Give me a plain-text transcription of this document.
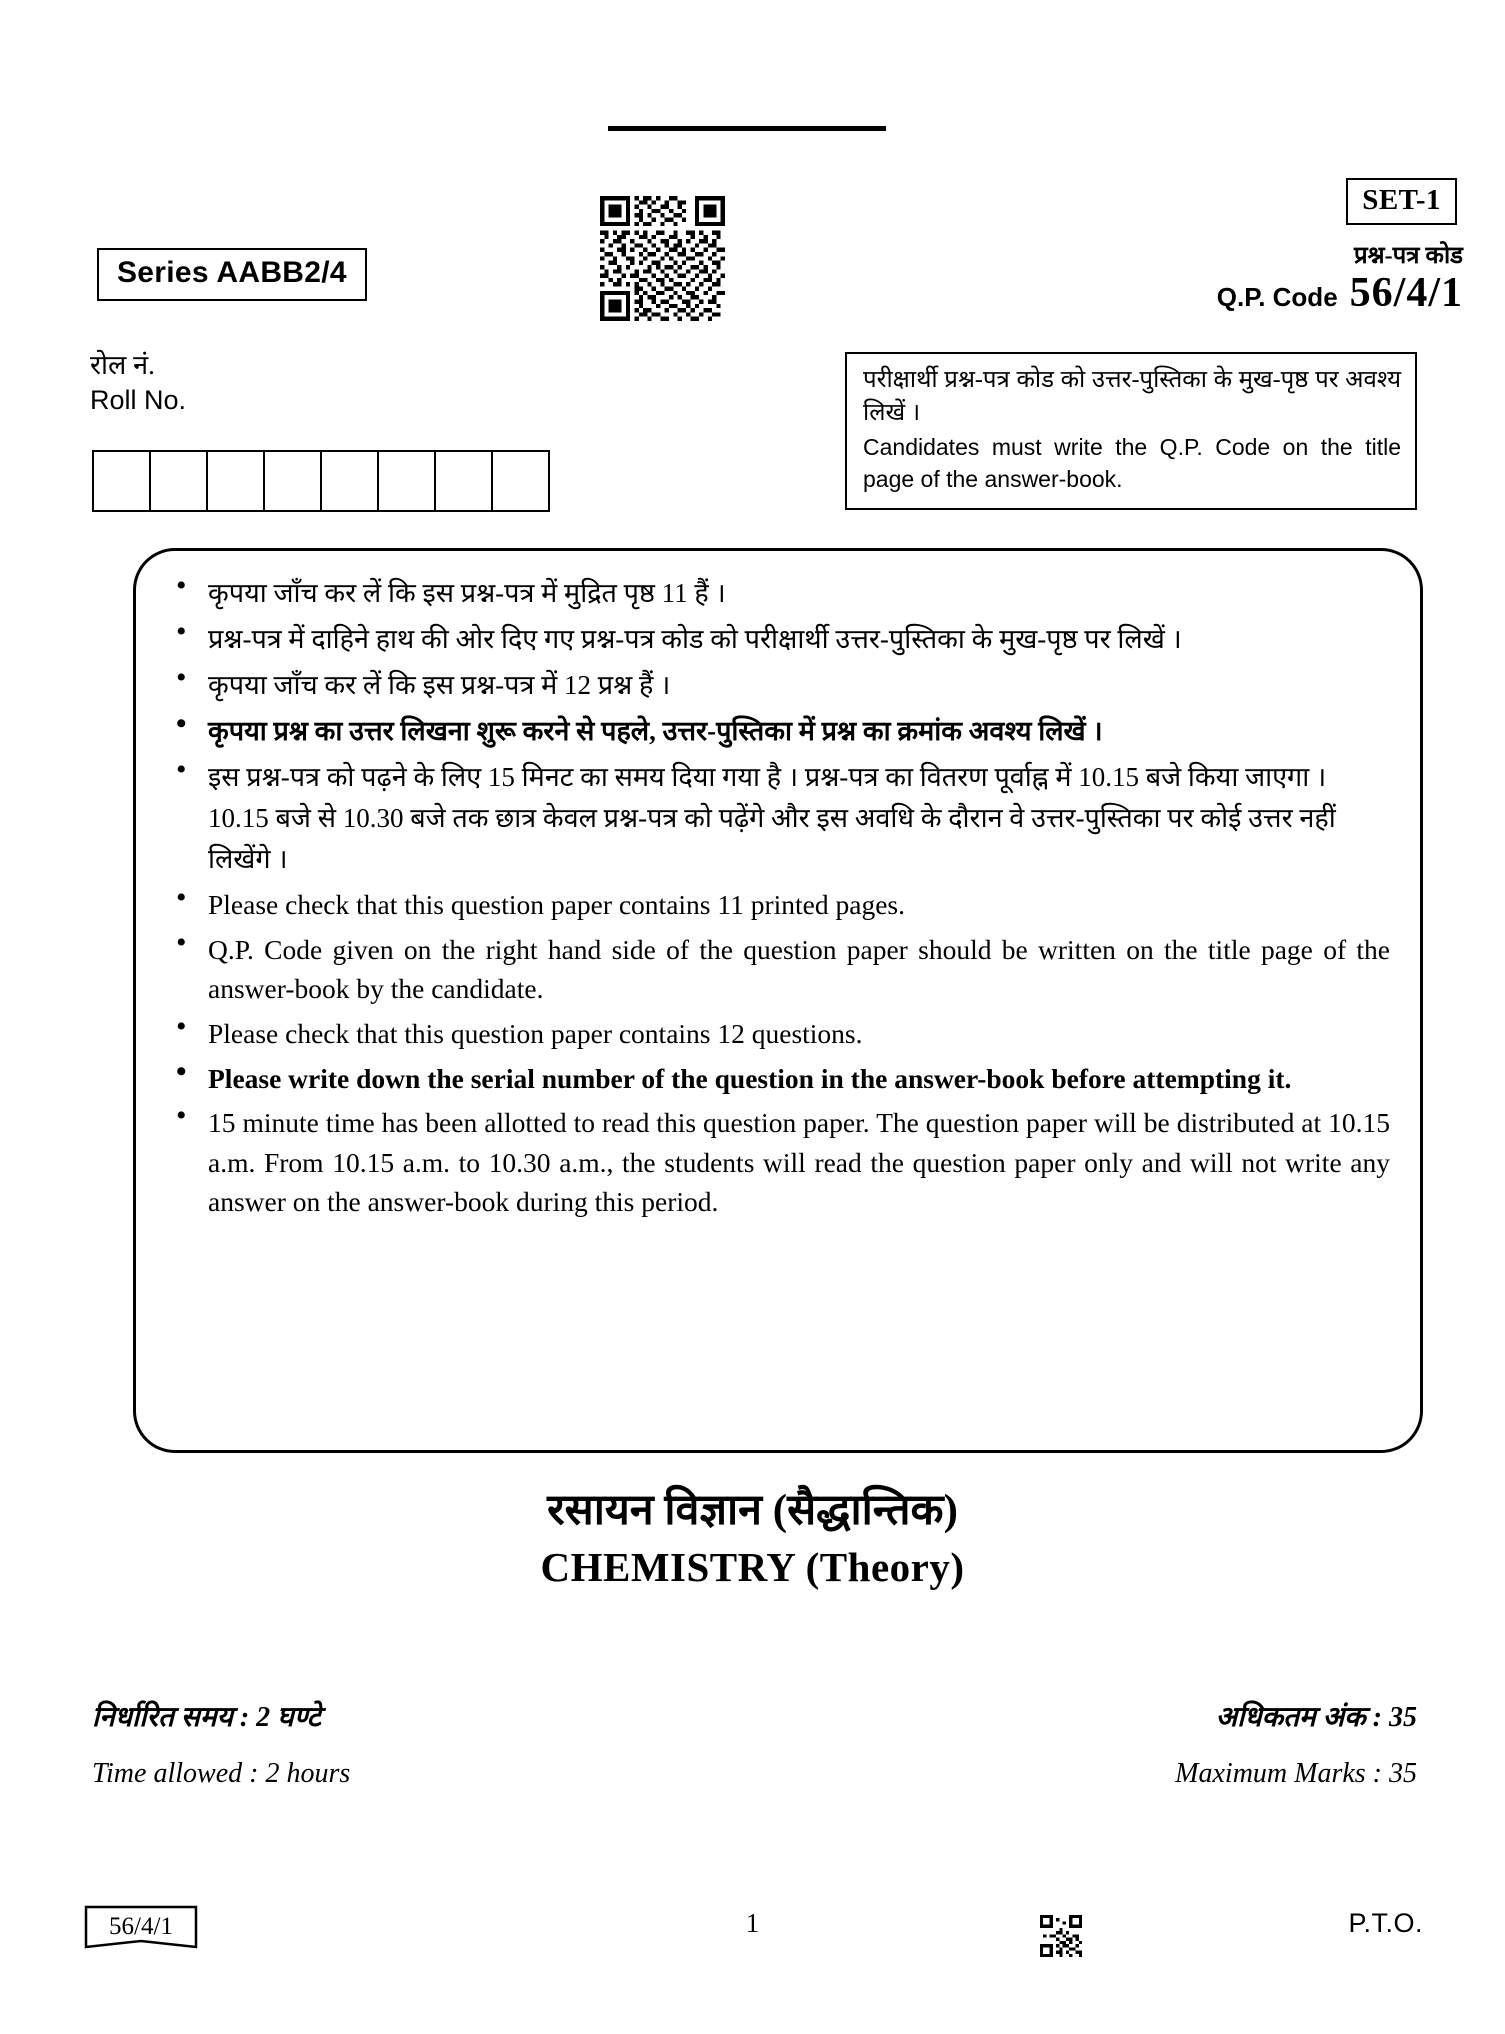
SET-1
Series AABB2/4	प्रश्न-पत्र कोड
Q.P. Code 56/4/1
रोल नं.
Roll No.
परीक्षार्थी प्रश्न-पत्र कोड को उत्तर-पुस्तिका के मुख-पृष्ठ पर अवश्य लिखें ।
Candidates must write the Q.P. Code on the title page of the answer-book.
• कृपया जाँच कर लें कि इस प्रश्न-पत्र में मुद्रित पृष्ठ 11 हैं ।
• प्रश्न-पत्र में दाहिने हाथ की ओर दिए गए प्रश्न-पत्र कोड को परीक्षार्थी उत्तर-पुस्तिका के मुख-पृष्ठ पर लिखें ।
• कृपया जाँच कर लें कि इस प्रश्न-पत्र में 12 प्रश्न हैं ।
• कृपया प्रश्न का उत्तर लिखना शुरू करने से पहले, उत्तर-पुस्तिका में प्रश्न का क्रमांक अवश्य लिखें ।
• इस प्रश्न-पत्र को पढ़ने के लिए 15 मिनट का समय दिया गया है । प्रश्न-पत्र का वितरण पूर्वाह्न में 10.15 बजे किया जाएगा । 10.15 बजे से 10.30 बजे तक छात्र केवल प्रश्न-पत्र को पढ़ेंगे और इस अवधि के दौरान वे उत्तर-पुस्तिका पर कोई उत्तर नहीं लिखेंगे ।
• Please check that this question paper contains 11 printed pages.
• Q.P. Code given on the right hand side of the question paper should be written on the title page of the answer-book by the candidate.
• Please check that this question paper contains 12 questions.
• Please write down the serial number of the question in the answer-book before attempting it.
• 15 minute time has been allotted to read this question paper. The question paper will be distributed at 10.15 a.m. From 10.15 a.m. to 10.30 a.m., the students will read the question paper only and will not write any answer on the answer-book during this period.
रसायन विज्ञान (सैद्धान्तिक)
CHEMISTRY (Theory)
निर्धारित समय : 2 घण्टे
Time allowed : 2 hours
अधिकतम अंक : 35
Maximum Marks : 35
56/4/1	1	P.T.O.
